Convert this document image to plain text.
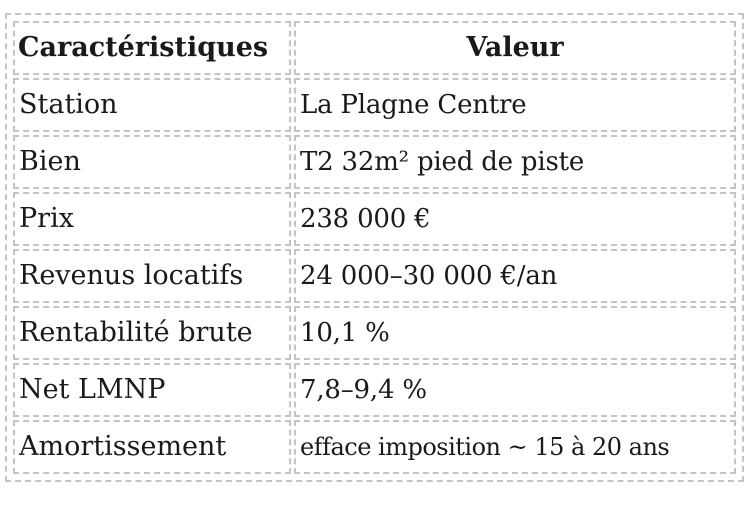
Caractéristiques	Valeur
Station	La Plagne Centre
Bien	T2 32m² pied de piste
Prix	238 000 €
Revenus locatifs	24 000–30 000 €/an
Rentabilité brute	10,1 %
Net LMNP	7,8–9,4 %
Amortissement	efface imposition ~ 15 à 20 ans
